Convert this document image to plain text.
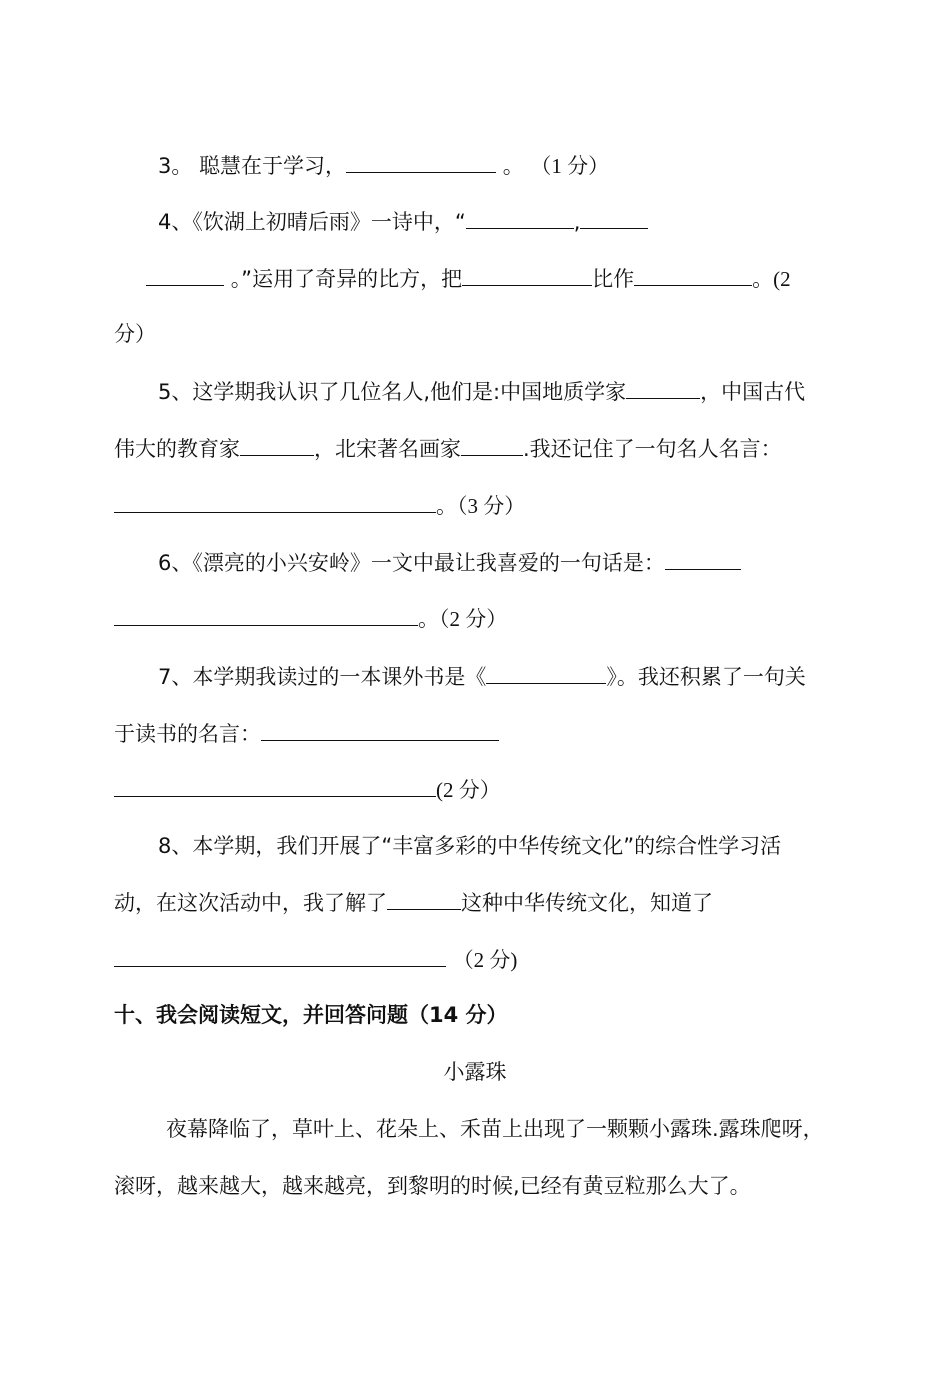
3。 聪慧在于学习，	。 （1 分）
4、《饮湖上初晴后雨》一诗中，“	,
。”运用了奇异的比方，把	比作	。(2
分）
5、这学期我认识了几位名人,他们是:中国地质学家	，中国古代
伟大的教育家	，北宋著名画家	.我还记住了一句名人名言：
。（3 分）
6、《漂亮的小兴安岭》一文中最让我喜爱的一句话是：
。（2 分）
7、本学期我读过的一本课外书是《	》。我还积累了一句关
于读书的名言：
(2 分）
8、本学期，我们开展了“丰富多彩的中华传统文化”的综合性学习活
动，在这次活动中，我了解了	这种中华传统文化，知道了
（2 分)
十、我会阅读短文，并回答问题（14 分）
小露珠
夜幕降临了，草叶上、花朵上、禾苗上出现了一颗颗小露珠.露珠爬呀，
滚呀，越来越大，越来越亮，到黎明的时候,已经有黄豆粒那么大了。
